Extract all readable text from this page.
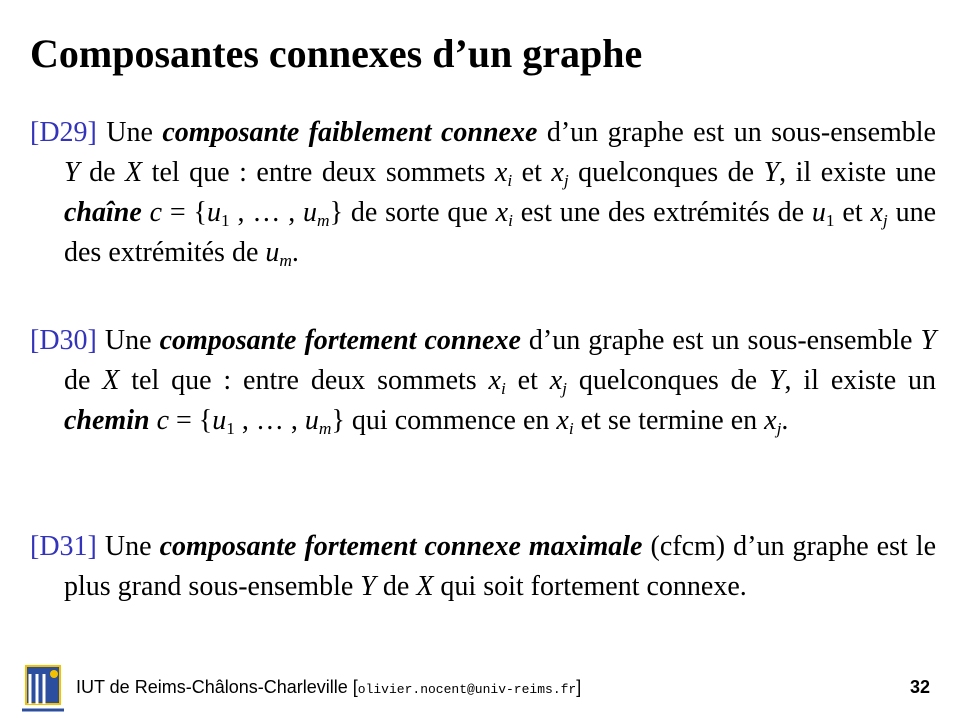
Composantes connexes d’un graphe
[D29] Une composante faiblement connexe d’un graphe est un sous-ensemble Y de X tel que : entre deux sommets $x_i$ et $x_j$ quelconques de Y, il existe une chaîne $c = \{u_1$ , … , $u_m$} de sorte que $x_i$ est une des extrémités de $u_1$ et $x_j$ une des extrémités de $u_m$.
[D30] Une composante fortement connexe d’un graphe est un sous-ensemble Y de X tel que : entre deux sommets $x_i$ et $x_j$ quelconques de Y, il existe un chemin $c = \{u_1$ , … , $u_m$} qui commence en $x_i$ et se termine en $x_j$.
[D31] Une composante fortement connexe maximale (cfcm) d’un graphe est le plus grand sous-ensemble Y de X qui soit fortement connexe.
IUT de Reims-Châlons-Charleville [olivier.nocent@univ-reims.fr]	32
